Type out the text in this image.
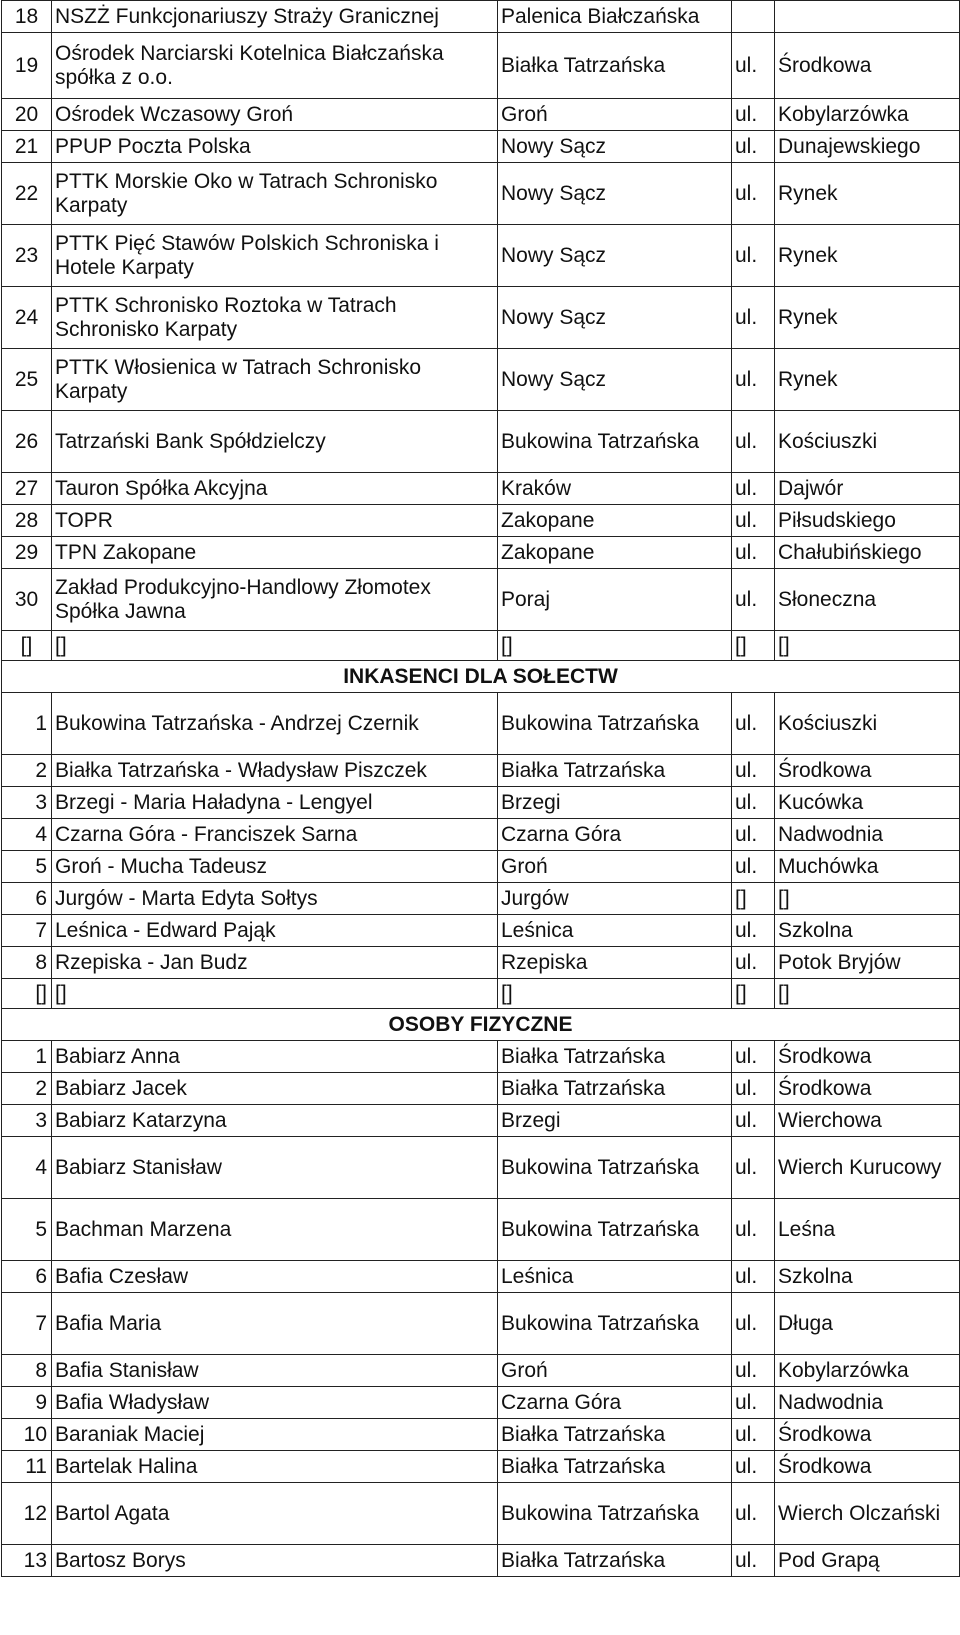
18	NSZŻ Funkcjonariuszy Straży Granicznej	Palenica Białczańska		
19	Ośrodek Narciarski Kotelnica Białczańska spółka z o.o.	Białka Tatrzańska	ul.	Środkowa
20	Ośrodek Wczasowy Groń	Groń	ul.	Kobylarzówka
21	PPUP Poczta Polska	Nowy Sącz	ul.	Dunajewskiego
22	PTTK Morskie Oko w Tatrach Schronisko Karpaty	Nowy Sącz	ul.	Rynek
23	PTTK Pięć Stawów Polskich Schroniska i Hotele Karpaty	Nowy Sącz	ul.	Rynek
24	PTTK Schronisko Roztoka w Tatrach Schronisko Karpaty	Nowy Sącz	ul.	Rynek
25	PTTK Włosienica w Tatrach Schronisko Karpaty	Nowy Sącz	ul.	Rynek
26	Tatrzański Bank Spółdzielczy	Bukowina Tatrzańska	ul.	Kościuszki
27	Tauron Spółka Akcyjna	Kraków	ul.	Dajwór
28	TOPR	Zakopane	ul.	Piłsudskiego
29	TPN Zakopane	Zakopane	ul.	Chałubińskiego
30	Zakład Produkcyjno-Handlowy Złomotex Spółka Jawna	Poraj	ul.	Słoneczna
[]	[]	[]	[]	[]
INKASENCI DLA SOŁECTW				
1	Bukowina Tatrzańska - Andrzej Czernik	Bukowina Tatrzańska	ul.	Kościuszki
2	Białka Tatrzańska - Władysław Piszczek	Białka Tatrzańska	ul.	Środkowa
3	Brzegi - Maria Haładyna - Lengyel	Brzegi	ul.	Kucówka
4	Czarna Góra - Franciszek Sarna	Czarna Góra	ul.	Nadwodnia
5	Groń - Mucha Tadeusz	Groń	ul.	Muchówka
6	Jurgów - Marta Edyta Sołtys	Jurgów	[]	[]
7	Leśnica - Edward Pająk	Leśnica	ul.	Szkolna
8	Rzepiska - Jan Budz	Rzepiska	ul.	Potok Bryjów
[]	[]	[]	[]	[]
OSOBY FIZYCZNE				
1	Babiarz Anna	Białka Tatrzańska	ul.	Środkowa
2	Babiarz Jacek	Białka Tatrzańska	ul.	Środkowa
3	Babiarz Katarzyna	Brzegi	ul.	Wierchowa
4	Babiarz Stanisław	Bukowina Tatrzańska	ul.	Wierch Kurucowy
5	Bachman Marzena	Bukowina Tatrzańska	ul.	Leśna
6	Bafia Czesław	Leśnica	ul.	Szkolna
7	Bafia Maria	Bukowina Tatrzańska	ul.	Długa
8	Bafia Stanisław	Groń	ul.	Kobylarzówka
9	Bafia Władysław	Czarna Góra	ul.	Nadwodnia
10	Baraniak Maciej	Białka Tatrzańska	ul.	Środkowa
11	Bartelak Halina	Białka Tatrzańska	ul.	Środkowa
12	Bartol Agata	Bukowina Tatrzańska	ul.	Wierch Olczański
13	Bartosz Borys	Białka Tatrzańska	ul.	Pod Grapą
